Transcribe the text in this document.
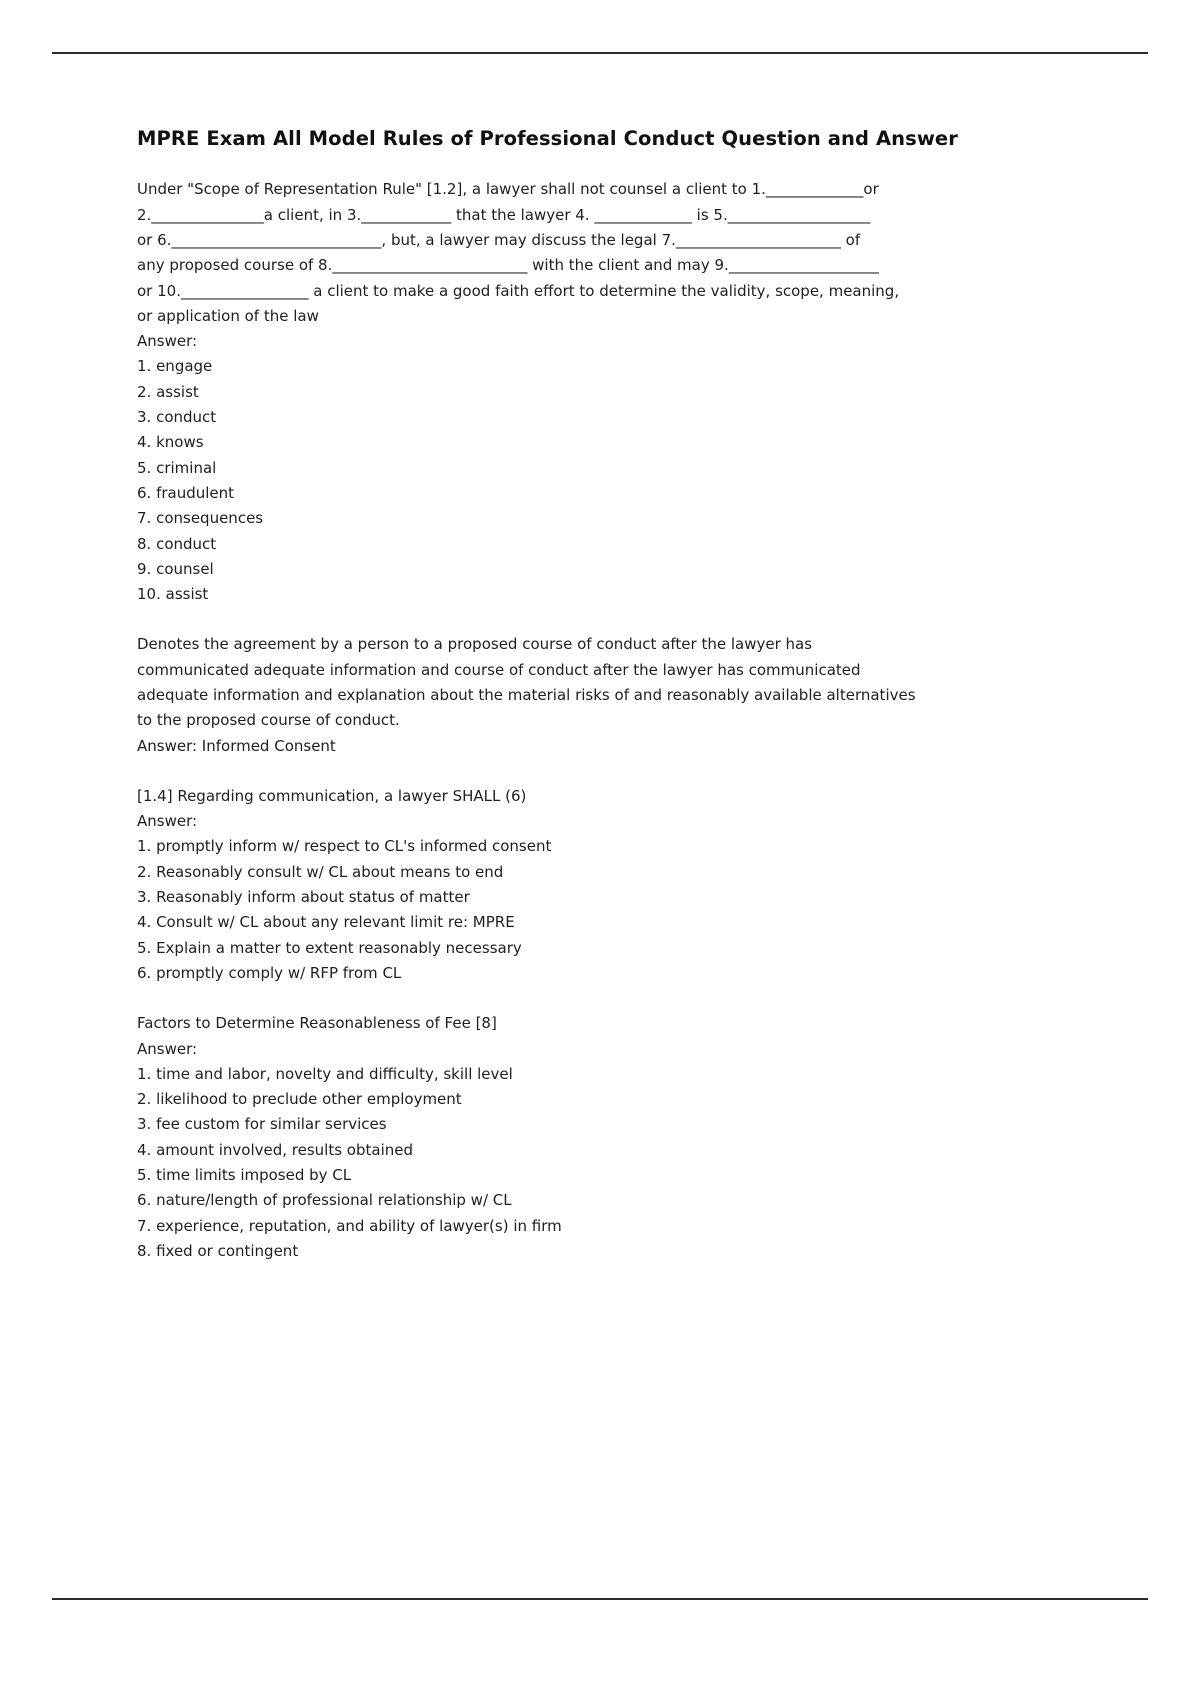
MPRE Exam All Model Rules of Professional Conduct Question and Answer
Under "Scope of Representation Rule" [1.2], a lawyer shall not counsel a client to 1._____________or
2._______________a client, in 3.____________ that the lawyer 4. _____________ is 5.___________________
or 6.____________________________, but, a lawyer may discuss the legal 7.______________________ of
any proposed course of 8.__________________________ with the client and may 9.____________________
or 10._________________ a client to make a good faith effort to determine the validity, scope, meaning,
or application of the law
Answer:
1. engage
2. assist
3. conduct
4. knows
5. criminal
6. fraudulent
7. consequences
8. conduct
9. counsel
10. assist
Denotes the agreement by a person to a proposed course of conduct after the lawyer has
communicated adequate information and course of conduct after the lawyer has communicated
adequate information and explanation about the material risks of and reasonably available alternatives
to the proposed course of conduct.
Answer: Informed Consent
[1.4] Regarding communication, a lawyer SHALL (6)
Answer:
1. promptly inform w/ respect to CL's informed consent
2. Reasonably consult w/ CL about means to end
3. Reasonably inform about status of matter
4. Consult w/ CL about any relevant limit re: MPRE
5. Explain a matter to extent reasonably necessary
6. promptly comply w/ RFP from CL
Factors to Determine Reasonableness of Fee [8]
Answer:
1. time and labor, novelty and difficulty, skill level
2. likelihood to preclude other employment
3. fee custom for similar services
4. amount involved, results obtained
5. time limits imposed by CL
6. nature/length of professional relationship w/ CL
7. experience, reputation, and ability of lawyer(s) in firm
8. fixed or contingent
